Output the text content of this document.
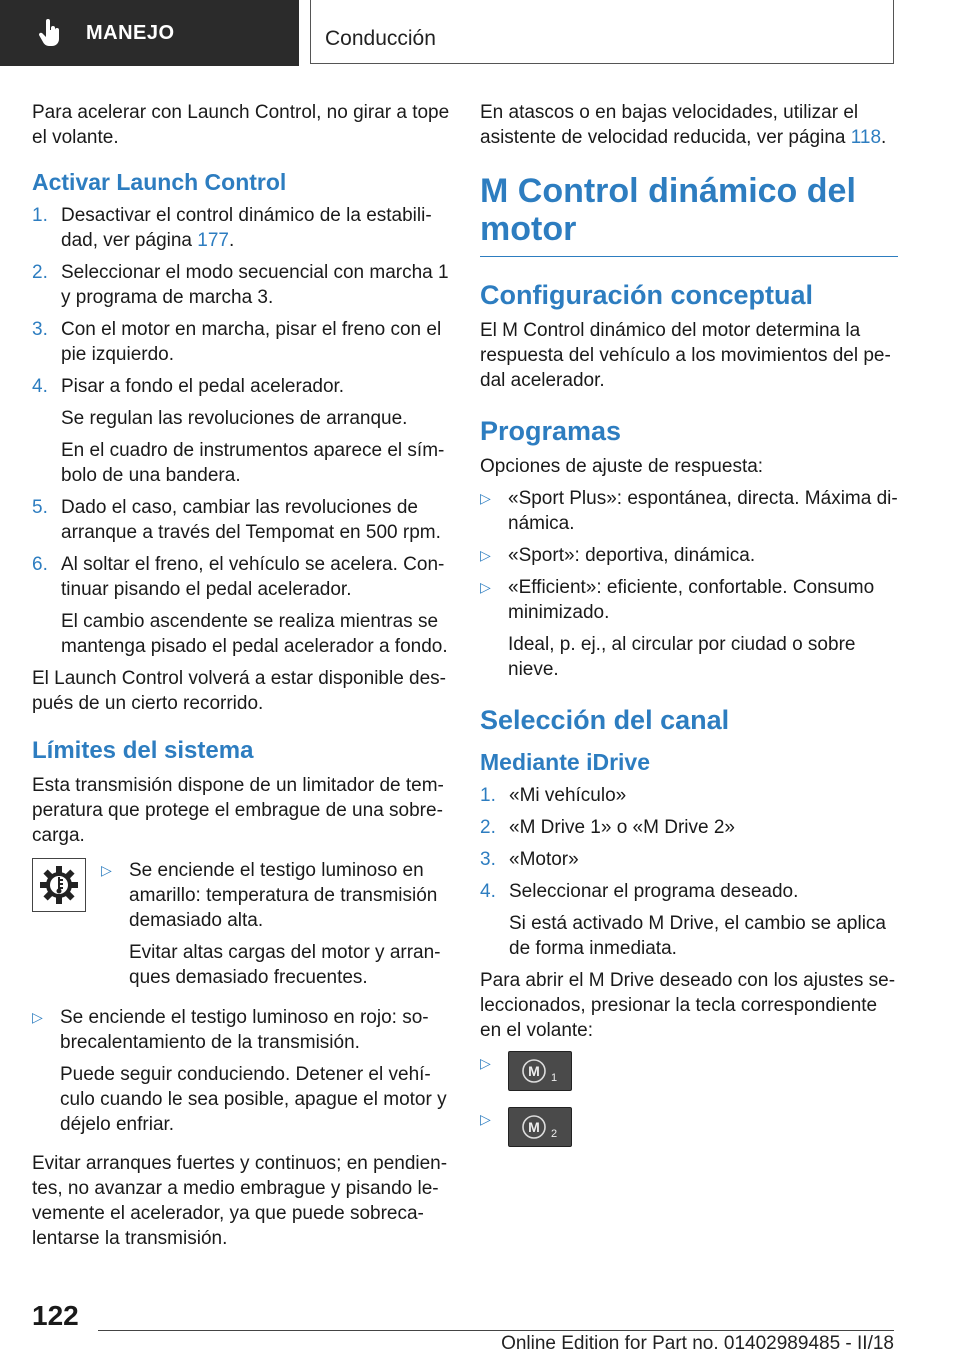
MANEJO	Conducción

Para acelerar con Launch Control, no girar a tope el volante.

Activar Launch Control
1. Desactivar el control dinámico de la estabili-dad, ver página 177.
2. Seleccionar el modo secuencial con marcha 1 y programa de marcha 3.
3. Con el motor en marcha, pisar el freno con el pie izquierdo.
4. Pisar a fondo el pedal acelerador.

Se regulan las revoluciones de arranque.

En el cuadro de instrumentos aparece el sím-bolo de una bandera.

5. Dado el caso, cambiar las revoluciones de arranque a través del Tempomat en 500 rpm.
6. Al soltar el freno, el vehículo se acelera. Con-tinuar pisando el pedal acelerador.

El cambio ascendente se realiza mientras se mantenga pisado el pedal acelerador a fondo.

El Launch Control volverá a estar disponible des-pués de un cierto recorrido.

Límites del sistema

Esta transmisión dispone de un limitador de tem-peratura que protege el embrague de una sobre-carga.

▷ Se enciende el testigo luminoso en amarillo: temperatura de transmisión demasiado alta.

Evitar altas cargas del motor y arran-ques demasiado frecuentes.

▷ Se enciende el testigo luminoso en rojo: so-brecalentamiento de la transmisión.

Puede seguir conduciendo. Detener el vehí-culo cuando le sea posible, apague el motor y déjelo enfriar.

Evitar arranques fuertes y continuos; en pendien-tes, no avanzar a medio embrague y pisando le-vemente el acelerador, ya que puede sobreca-lentarse la transmisión.

En atascos o en bajas velocidades, utilizar el asistente de velocidad reducida, ver página 118.

M Control dinámico del motor
Configuración conceptual

El M Control dinámico del motor determina la respuesta del vehículo a los movimientos del pe-dal acelerador.

Programas

Opciones de ajuste de respuesta:

▷ «Sport Plus»: espontánea, directa. Máxima di-námica.
▷ «Sport»: deportiva, dinámica.
▷ «Efficient»: eficiente, confortable. Consumo minimizado.

Ideal, p. ej., al circular por ciudad o sobre nieve.

Selección del canal
Mediante iDrive
1. «Mi vehículo»
2. «M Drive 1» o «M Drive 2»
3. «Motor»
4. Seleccionar el programa deseado.

Si está activado M Drive, el cambio se aplica de forma inmediata.

Para abrir el M Drive deseado con los ajustes se-leccionados, presionar la tecla correspondiente en el volante:

▷	M 1
▷	M 2
122
Online Edition for Part no. 01402989485 - II/18
